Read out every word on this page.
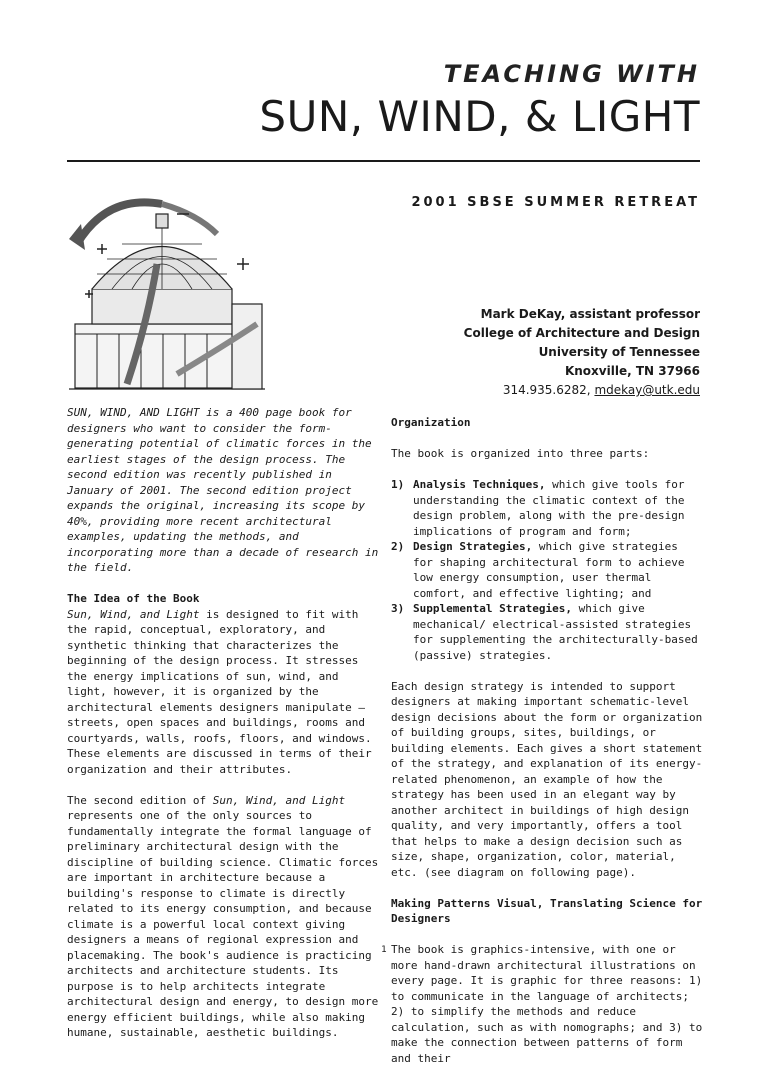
TEACHING WITH
SUN, WIND, & LIGHT
2001 SBSE SUMMER RETREAT
Mark DeKay, assistant professor
College of Architecture and Design
University of Tennessee
Knoxville, TN 37966
314.935.6282, mdekay@utk.edu

SUN, WIND, AND LIGHT is a 400 page book for designers who want to consider the form-generating potential of climatic forces in the earliest stages of the design process. The second edition was recently published in January of 2001. The second edition project expands the original, increasing its scope by 40%, providing more recent architectural examples, updating the methods, and incorporating more than a decade of research in the field.

The Idea of the Book

Sun, Wind, and Light is designed to fit with the rapid, conceptual, exploratory, and synthetic thinking that characterizes the beginning of the design process. It stresses the energy implications of sun, wind, and light, however, it is organized by the architectural elements designers manipulate – streets, open spaces and buildings, rooms and courtyards, walls, roofs, floors, and windows. These elements are discussed in terms of their organization and their attributes.

The second edition of Sun, Wind, and Light represents one of the only sources to fundamentally integrate the formal language of preliminary architectural design with the discipline of building science. Climatic forces are important in architecture because a building's response to climate is directly related to its energy consumption, and because climate is a powerful local context giving designers a means of regional expression and placemaking. The book's audience is practicing architects and architecture students. Its purpose is to help architects integrate architectural design and energy, to design more energy efficient buildings, while also making humane, sustainable, aesthetic buildings.

Organization

The book is organized into three parts:

1) Analysis Techniques, which give tools for understanding the climatic context of the design problem, along with the pre-design implications of program and form;
2) Design Strategies, which give strategies for shaping architectural form to achieve low energy consumption, user thermal comfort, and effective lighting; and
3) Supplemental Strategies, which give mechanical/ electrical-assisted strategies for supplementing the architecturally-based (passive) strategies.

Each design strategy is intended to support designers at making important schematic-level design decisions about the form or organization of building groups, sites, buildings, or building elements. Each gives a short statement of the strategy, and explanation of its energy-related phenomenon, an example of how the strategy has been used in an elegant way by another architect in buildings of high design quality, and very importantly, offers a tool that helps to make a design decision such as size, shape, organization, color, material, etc. (see diagram on following page).

Making Patterns Visual, Translating Science for Designers

The book is graphics-intensive, with one or more hand-drawn architectural illustrations on every page. It is graphic for three reasons: 1) to communicate in the language of architects; 2) to simplify the methods and reduce calculation, such as with nomographs; and 3) to make the connection between patterns of form and their

1
